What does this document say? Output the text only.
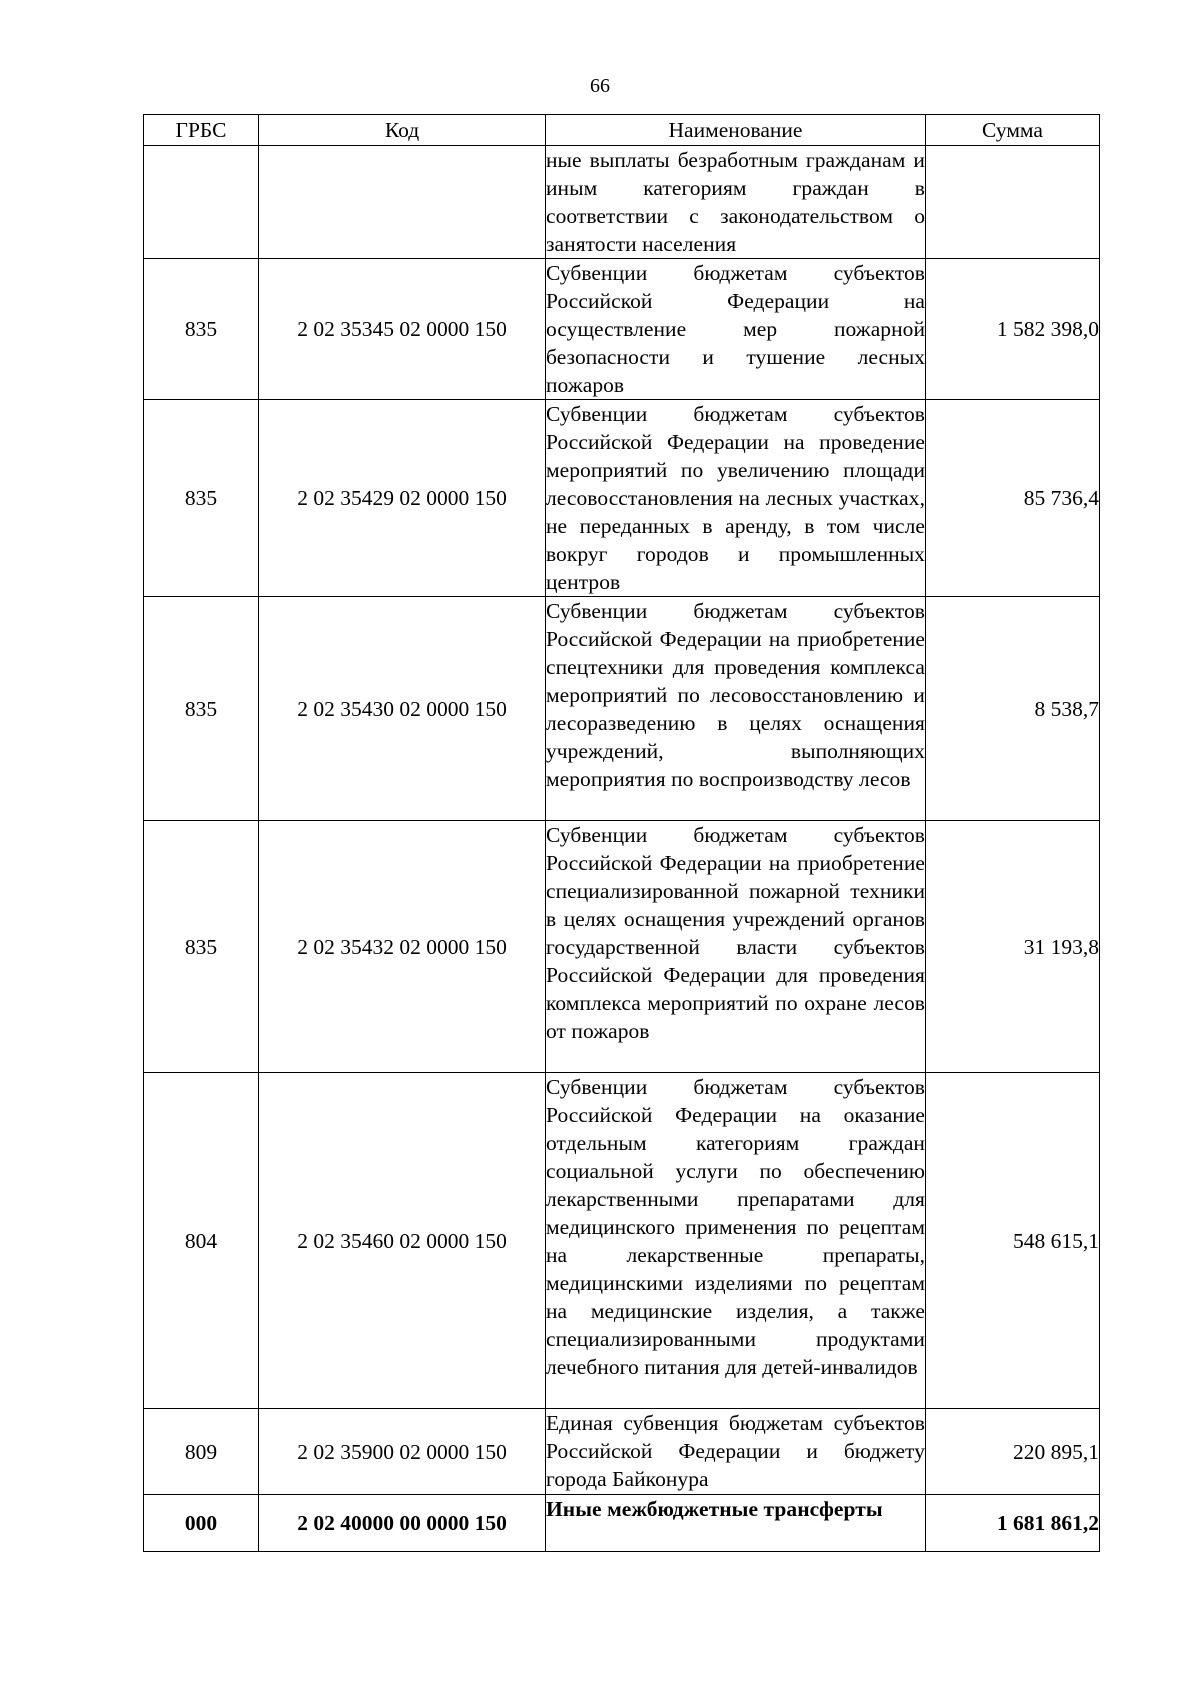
66
ГРБС	Код	Наименование	Сумма
		ные выплаты безработным гражданам и иным категориям граждан в соответствии с законодательством о занятости населения	
835	2 02 35345 02 0000 150	Субвенции бюджетам субъектов Российской Федерации на осуществление мер пожарной безопасности и тушение лесных пожаров	1 582 398,0
835	2 02 35429 02 0000 150	Субвенции бюджетам субъектов Российской Федерации на проведение мероприятий по увеличению площади лесовосстановления на лесных участках, не переданных в аренду, в том числе вокруг городов и промышленных центров	85 736,4
835	2 02 35430 02 0000 150	Субвенции бюджетам субъектов Российской Федерации на приобретение спецтехники для проведения комплекса мероприятий по лесовосстановлению и лесоразведению в целях оснащения учреждений, выполняющих мероприятия по воспроизводству лесов	8 538,7
835	2 02 35432 02 0000 150	Субвенции бюджетам субъектов Российской Федерации на приобретение специализированной пожарной техники в целях оснащения учреждений органов государственной власти субъектов Российской Федерации для проведения комплекса мероприятий по охране лесов от пожаров	31 193,8
804	2 02 35460 02 0000 150	Субвенции бюджетам субъектов Российской Федерации на оказание отдельным категориям граждан социальной услуги по обеспечению лекарственными препаратами для медицинского применения по рецептам на лекарственные препараты, медицинскими изделиями по рецептам на медицинские изделия, а также специализированными продуктами лечебного питания для детей-инвалидов	548 615,1
809	2 02 35900 02 0000 150	Единая субвенция бюджетам субъектов Российской Федерации и бюджету города Байконура	220 895,1
000	2 02 40000 00 0000 150	Иные межбюджетные трансферты	1 681 861,2
